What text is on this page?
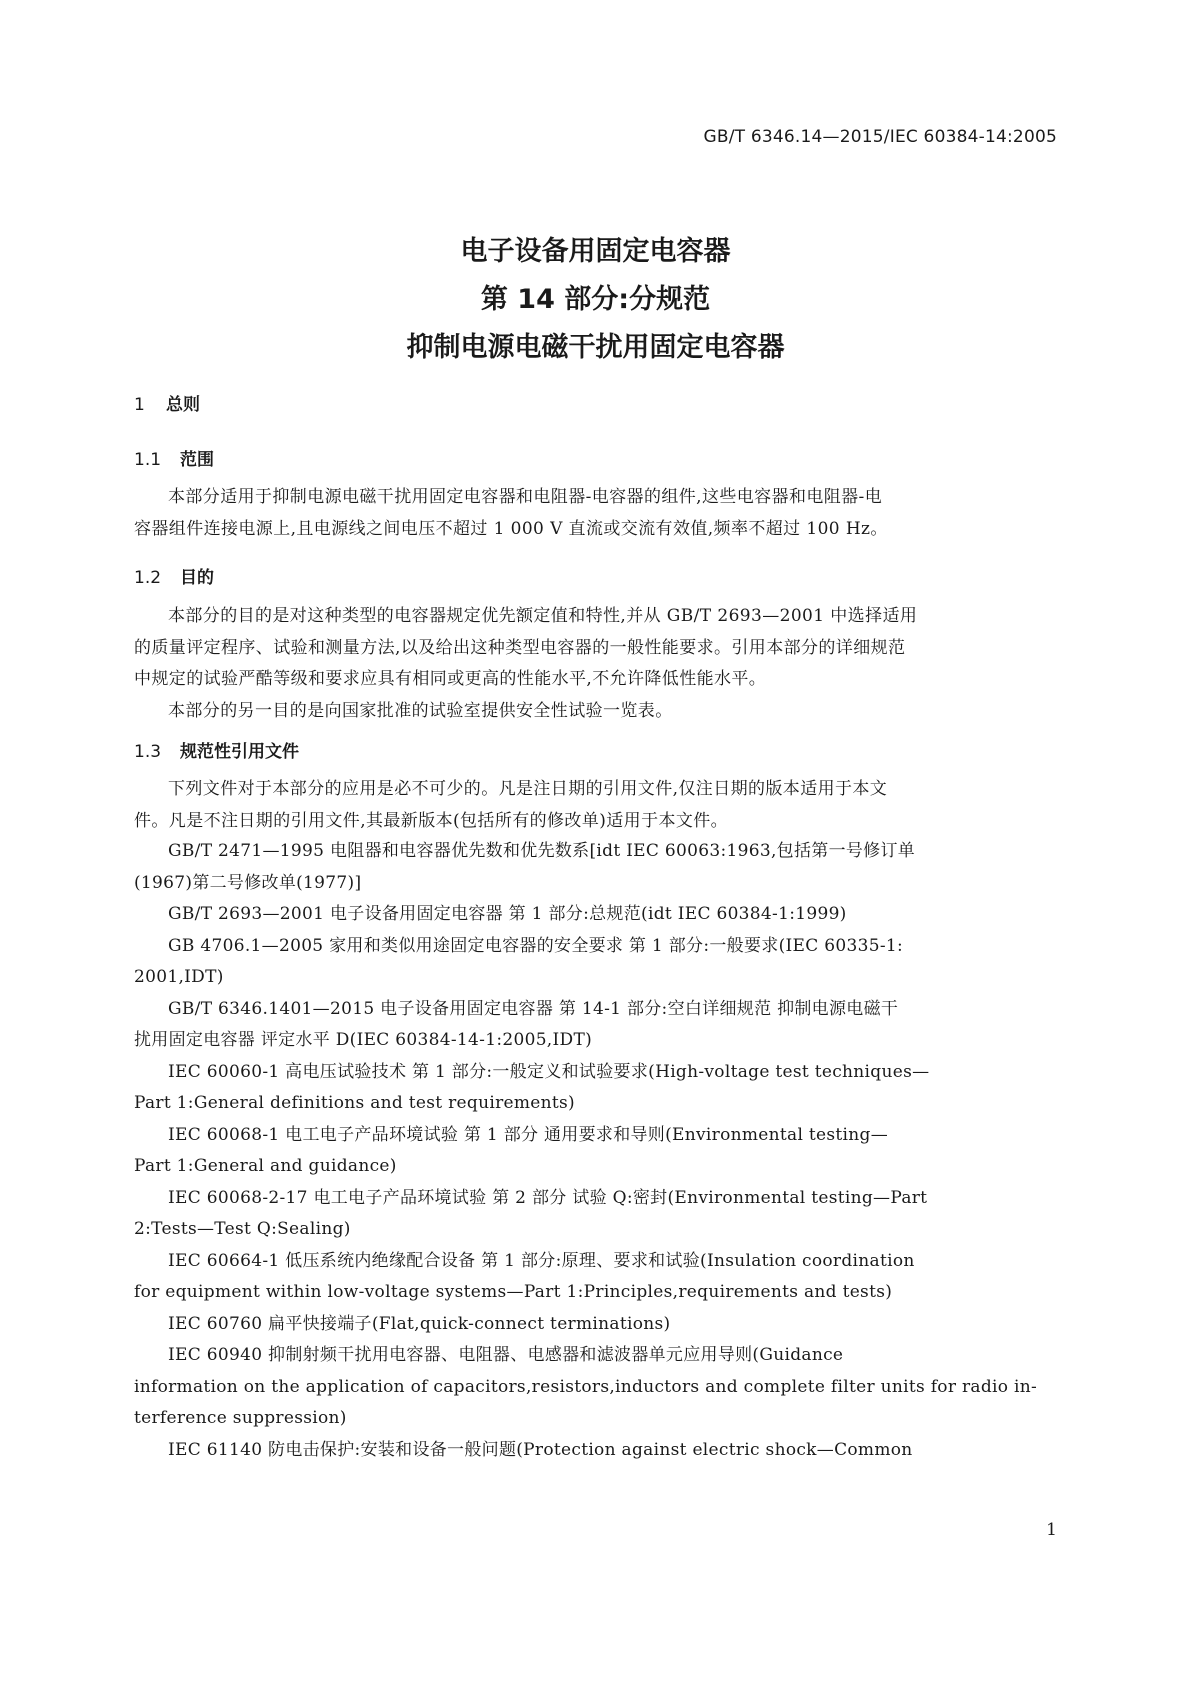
GB/T 6346.14—2015/IEC 60384-14:2005
电子设备用固定电容器
第 14 部分:分规范
抑制电源电磁干扰用固定电容器
1 总则
1.1 范围
本部分适用于抑制电源电磁干扰用固定电容器和电阻器-电容器的组件,这些电容器和电阻器-电
容器组件连接电源上,且电源线之间电压不超过 1 000 V 直流或交流有效值,频率不超过 100 Hz。
1.2 目的
本部分的目的是对这种类型的电容器规定优先额定值和特性,并从 GB/T 2693—2001 中选择适用
的质量评定程序、试验和测量方法,以及给出这种类型电容器的一般性能要求。引用本部分的详细规范
中规定的试验严酷等级和要求应具有相同或更高的性能水平,不允许降低性能水平。
本部分的另一目的是向国家批准的试验室提供安全性试验一览表。
1.3 规范性引用文件
下列文件对于本部分的应用是必不可少的。凡是注日期的引用文件,仅注日期的版本适用于本文
件。凡是不注日期的引用文件,其最新版本(包括所有的修改单)适用于本文件。
GB/T 2471—1995 电阻器和电容器优先数和优先数系[idt IEC 60063:1963,包括第一号修订单
(1967)第二号修改单(1977)]
GB/T 2693—2001 电子设备用固定电容器 第 1 部分:总规范(idt IEC 60384-1:1999)
GB 4706.1—2005 家用和类似用途固定电容器的安全要求 第 1 部分:一般要求(IEC 60335-1:
2001,IDT)
GB/T 6346.1401—2015 电子设备用固定电容器 第 14-1 部分:空白详细规范 抑制电源电磁干
扰用固定电容器 评定水平 D(IEC 60384-14-1:2005,IDT)
IEC 60060-1 高电压试验技术 第 1 部分:一般定义和试验要求(High-voltage test techniques—
Part 1:General definitions and test requirements)
IEC 60068-1 电工电子产品环境试验 第 1 部分 通用要求和导则(Environmental testing—
Part 1:General and guidance)
IEC 60068-2-17 电工电子产品环境试验 第 2 部分 试验 Q:密封(Environmental testing—Part
2:Tests—Test Q:Sealing)
IEC 60664-1 低压系统内绝缘配合设备 第 1 部分:原理、要求和试验(Insulation coordination
for equipment within low-voltage systems—Part 1:Principles,requirements and tests)
IEC 60760 扁平快接端子(Flat,quick-connect terminations)
IEC 60940 抑制射频干扰用电容器、电阻器、电感器和滤波器单元应用导则(Guidance
information on the application of capacitors,resistors,inductors and complete filter units for radio in-
terference suppression)
IEC 61140 防电击保护:安装和设备一般问题(Protection against electric shock—Common
1
